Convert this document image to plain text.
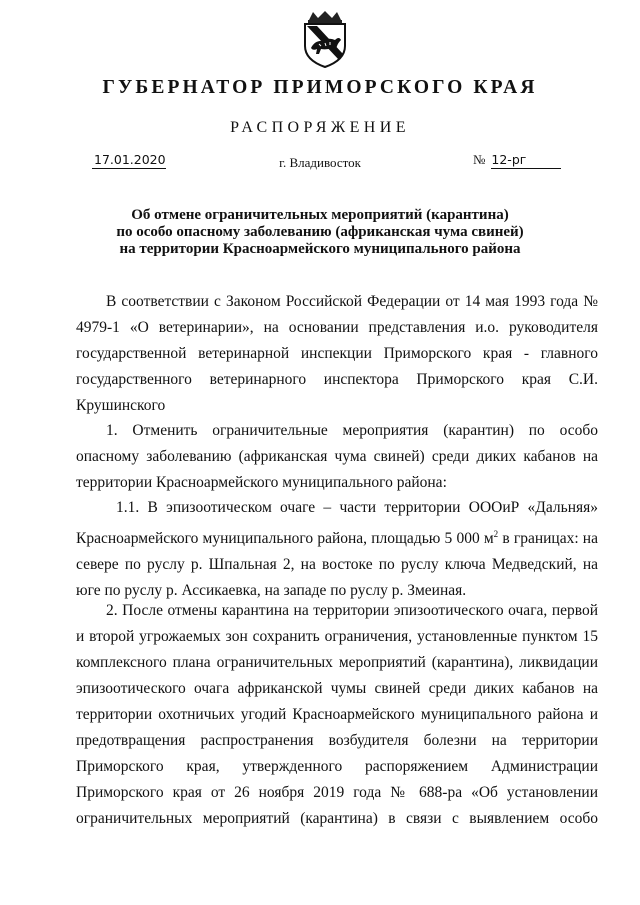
ГУБЕРНАТОР ПРИМОРСКОГО КРАЯ
РАСПОРЯЖЕНИЕ
г. Владивосток
17.01.2020	№ 12-рг
Об отмене ограничительных мероприятий (карантина)
по особо опасному заболеванию (африканская чума свиней)
на территории Красноармейского муниципального района

В соответствии с Законом Российской Федерации от 14 мая 1993 года № 4979-1 «О ветеринарии», на основании представления и.о. руководителя государственной ветеринарной инспекции Приморского края - главного государственного ветеринарного инспектора Приморского края С.И. Крушинского

1. Отменить ограничительные мероприятия (карантин) по особо опасному заболеванию (африканская чума свиней) среди диких кабанов на территории Красноармейского муниципального района:

1.1. В эпизоотическом очаге – части территории ОООиР «Дальняя» Красноармейского муниципального района, площадью 5 000 $м^2$ в границах: на севере по руслу р. Шпальная 2, на востоке по руслу ключа Медведский, на юге по руслу р. Ассикаевка, на западе по руслу р. Змеиная.

2. После отмены карантина на территории эпизоотического очага, первой и второй угрожаемых зон сохранить ограничения, установленные пунктом 15 комплексного плана ограничительных мероприятий (карантина), ликвидации эпизоотического очага африканской чумы свиней среди диких кабанов на территории охотничьих угодий Красноармейского муниципального района и предотвращения распространения возбудителя болезни на территории Приморского края, утвержденного распоряжением Администрации Приморского края от 26 ноября 2019 года № 688-ра «Об установлении ограничительных мероприятий (карантина) в связи с выявлением особо
